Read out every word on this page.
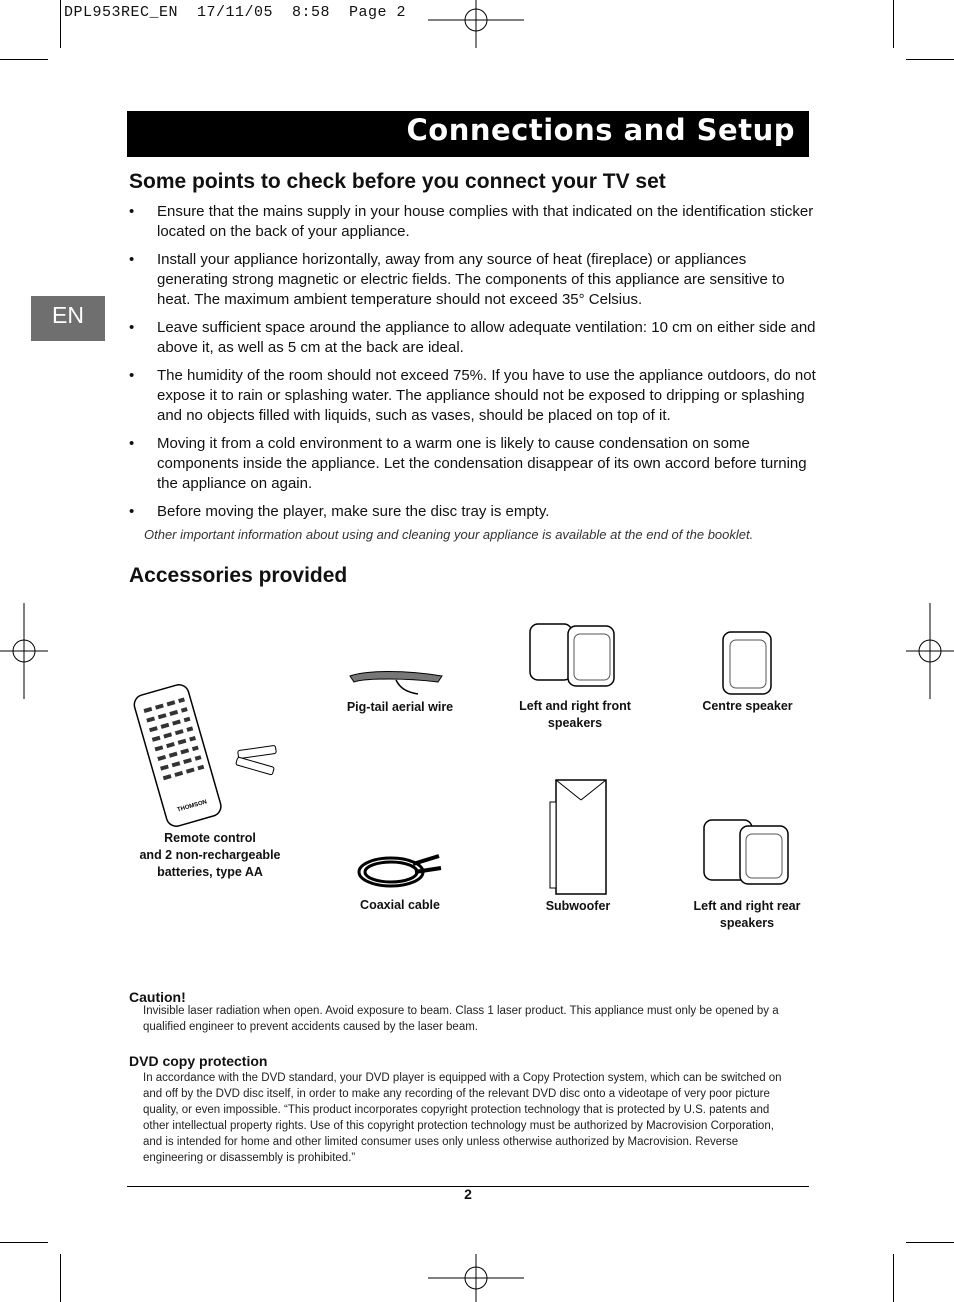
DPL953REC_EN  17/11/05  8:58  Page 2
Connections and Setup
EN
Some points to check before you connect your TV set
• Ensure that the mains supply in your house complies with that indicated on the identification sticker located on the back of your appliance.
• Install your appliance horizontally, away from any source of heat (fireplace) or appliances generating strong magnetic or electric fields. The components of this appliance are sensitive to heat. The maximum ambient temperature should not exceed 35° Celsius.
• Leave sufficient space around the appliance to allow adequate ventilation: 10 cm on either side and above it, as well as 5 cm at the back are ideal.
• The humidity of the room should not exceed 75%. If you have to use the appliance outdoors, do not expose it to rain or splashing water. The appliance should not be exposed to dripping or splashing and no objects filled with liquids, such as vases, should be placed on top of it.
• Moving it from a cold environment to a warm one is likely to cause condensation on some components inside the appliance. Let the condensation disappear of its own accord before turning the appliance on again.
• Before moving the player, make sure the disc tray is empty.
Other important information about using and cleaning your appliance is available at the end of the booklet.
Accessories provided
THOMSON
Remote control
and 2 non-rechargeable
batteries, type AA
Pig-tail aerial wire	Left and right front
speakers
Centre speaker
Coaxial cable	Subwoofer	Left and right rear
speakers
Caution!
Invisible laser radiation when open. Avoid exposure to beam. Class 1 laser product. This appliance must only be opened by a qualified engineer to prevent accidents caused by the laser beam.
DVD copy protection
In accordance with the DVD standard, your DVD player is equipped with a Copy Protection system, which can be switched on and off by the DVD disc itself, in order to make any recording of the relevant DVD disc onto a videotape of very poor picture quality, or even impossible. “This product incorporates copyright protection technology that is protected by U.S. patents and other intellectual property rights. Use of this copyright protection technology must be authorized by Macrovision Corporation, and is intended for home and other limited consumer uses only unless otherwise authorized by Macrovision. Reverse engineering or disassembly is prohibited.”
2
